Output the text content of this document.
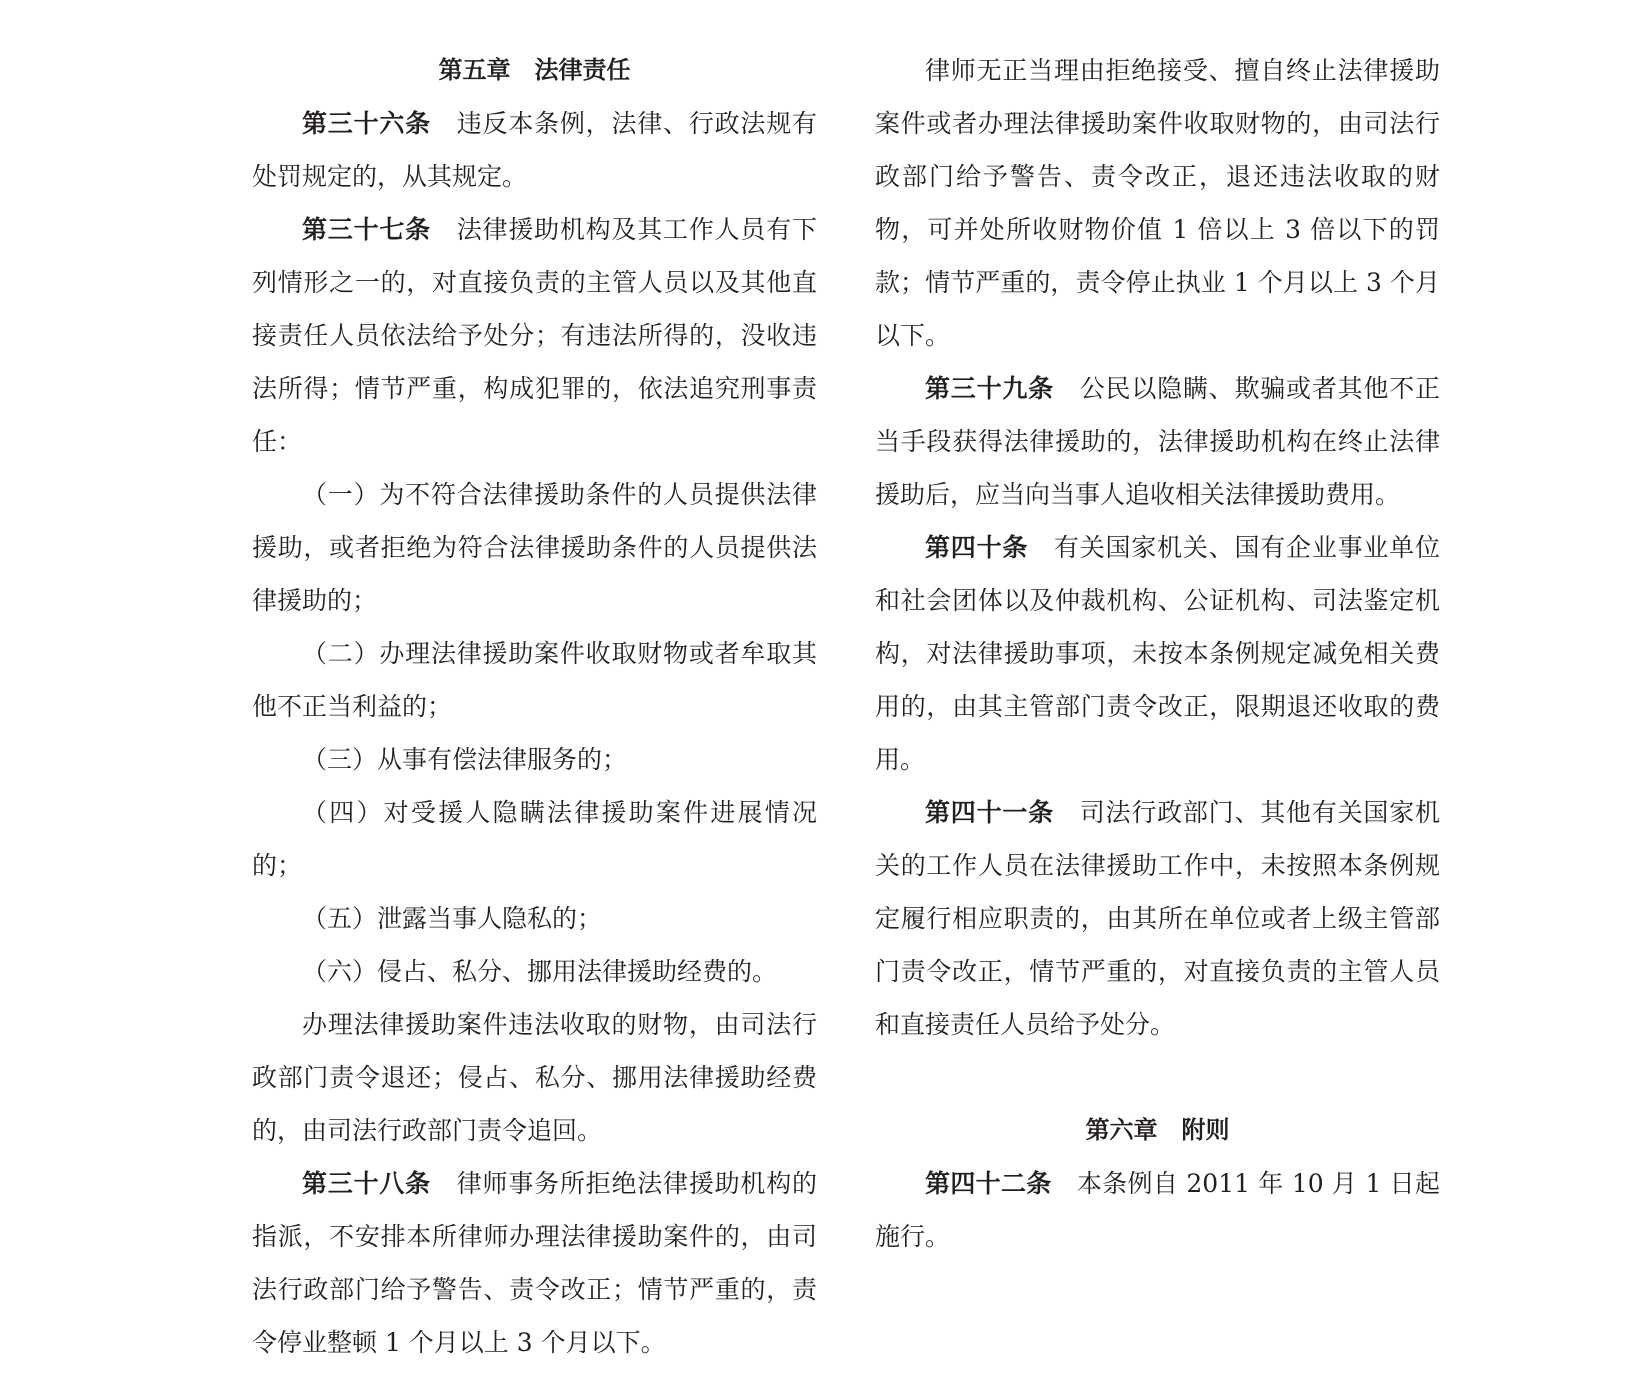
第五章　法律责任

第三十六条 违反本条例，法律、行政法规有处罚规定的，从其规定。

第三十七条 法律援助机构及其工作人员有下列情形之一的，对直接负责的主管人员以及其他直接责任人员依法给予处分；有违法所得的，没收违法所得；情节严重，构成犯罪的，依法追究刑事责任：

（一）为不符合法律援助条件的人员提供法律援助，或者拒绝为符合法律援助条件的人员提供法律援助的；

（二）办理法律援助案件收取财物或者牟取其他不正当利益的；

（三）从事有偿法律服务的；

（四）对受援人隐瞒法律援助案件进展情况的；

（五）泄露当事人隐私的；

（六）侵占、私分、挪用法律援助经费的。

办理法律援助案件违法收取的财物，由司法行政部门责令退还；侵占、私分、挪用法律援助经费的，由司法行政部门责令追回。

第三十八条 律师事务所拒绝法律援助机构的指派，不安排本所律师办理法律援助案件的，由司法行政部门给予警告、责令改正；情节严重的，责令停业整顿 1 个月以上 3 个月以下。

律师无正当理由拒绝接受、擅自终止法律援助案件或者办理法律援助案件收取财物的，由司法行政部门给予警告、责令改正，退还违法收取的财物，可并处所收财物价值 1 倍以上 3 倍以下的罚款；情节严重的，责令停止执业 1 个月以上 3 个月以下。

第三十九条 公民以隐瞒、欺骗或者其他不正当手段获得法律援助的，法律援助机构在终止法律援助后，应当向当事人追收相关法律援助费用。

第四十条 有关国家机关、国有企业事业单位和社会团体以及仲裁机构、公证机构、司法鉴定机构，对法律援助事项，未按本条例规定减免相关费用的，由其主管部门责令改正，限期退还收取的费用。

第四十一条 司法行政部门、其他有关国家机关的工作人员在法律援助工作中，未按照本条例规定履行相应职责的，由其所在单位或者上级主管部门责令改正，情节严重的，对直接负责的主管人员和直接责任人员给予处分。

第六章　附则

第四十二条 本条例自 2011 年 10 月 1 日起施行。
